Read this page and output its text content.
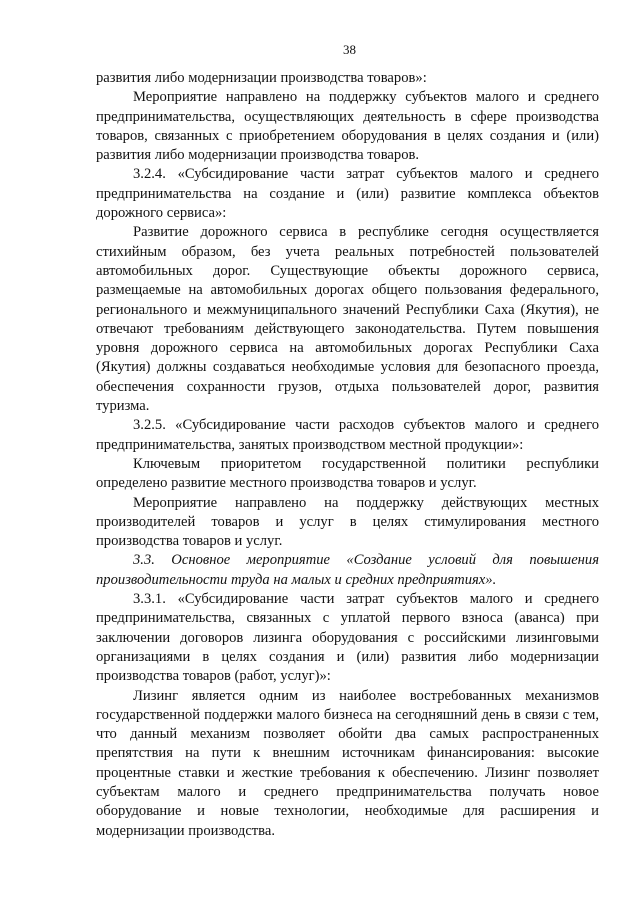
38

развития либо модернизации производства товаров»:

Мероприятие направлено на поддержку субъектов малого и среднего предпринимательства, осуществляющих деятельность в сфере производства товаров, связанных с приобретением оборудования в целях создания и (или) развития либо модернизации производства товаров.

3.2.4. «Субсидирование части затрат субъектов малого и среднего предпринимательства на создание и (или) развитие комплекса объектов дорожного сервиса»:

Развитие дорожного сервиса в республике сегодня осуществляется стихийным образом, без учета реальных потребностей пользователей автомобильных дорог. Существующие объекты дорожного сервиса, размещаемые на автомобильных дорогах общего пользования федерального, регионального и межмуниципального значений Республики Саха (Якутия), не отвечают требованиям действующего законодательства. Путем повышения уровня дорожного сервиса на автомобильных дорогах Республики Саха (Якутия) должны создаваться необходимые условия для безопасного проезда, обеспечения сохранности грузов, отдыха пользователей дорог, развития туризма.

3.2.5. «Субсидирование части расходов субъектов малого и среднего предпринимательства, занятых производством местной продукции»:

Ключевым приоритетом государственной политики республики определено развитие местного производства товаров и услуг.

Мероприятие направлено на поддержку действующих местных производителей товаров и услуг в целях стимулирования местного производства товаров и услуг.

3.3. Основное мероприятие «Создание условий для повышения производительности труда на малых и средних предприятиях».

3.3.1. «Субсидирование части затрат субъектов малого и среднего предпринимательства, связанных с уплатой первого взноса (аванса) при заключении договоров лизинга оборудования с российскими лизинговыми организациями в целях создания и (или) развития либо модернизации производства товаров (работ, услуг)»:

Лизинг является одним из наиболее востребованных механизмов государственной поддержки малого бизнеса на сегодняшний день в связи с тем, что данный механизм позволяет обойти два самых распространенных препятствия на пути к внешним источникам финансирования: высокие процентные ставки и жесткие требования к обеспечению. Лизинг позволяет субъектам малого и среднего предпринимательства получать новое оборудование и новые технологии, необходимые для расширения и модернизации производства.
